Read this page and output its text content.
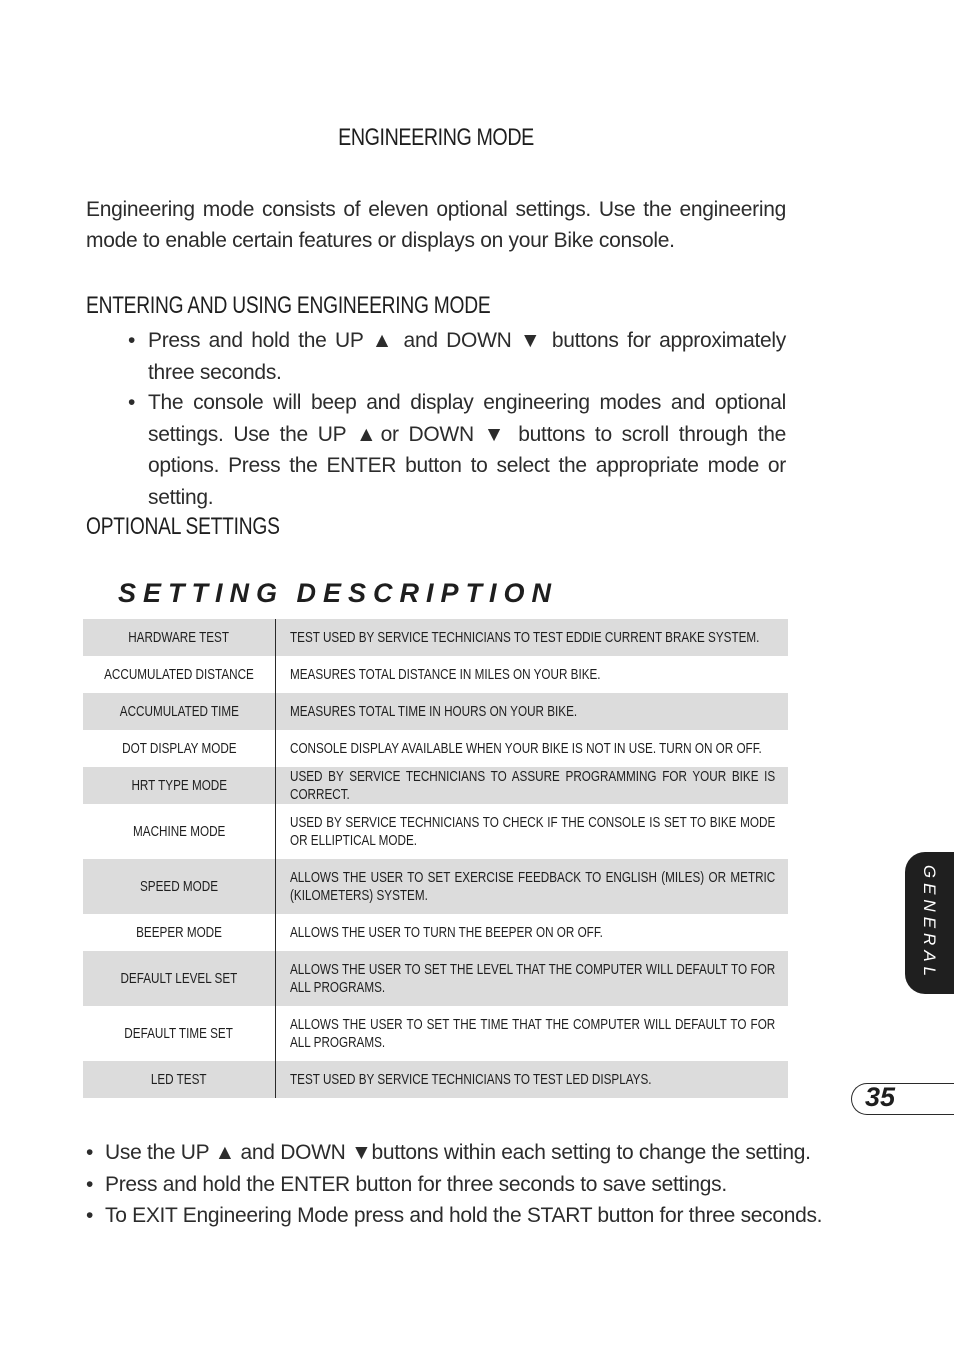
ENGINEERING MODE

Engineering mode consists of eleven optional settings. Use the engineering mode to enable certain features or displays on your Bike console.

ENTERING AND USING ENGINEERING MODE
• Press and hold the UP ▲ and DOWN ▼ buttons for approximately three seconds.
• The console will beep and display engineering modes and optional settings. Use the UP ▲or DOWN ▼ buttons to scroll through the options. Press the ENTER button to select the appropriate mode or setting.
OPTIONAL SETTINGS
SETTING DESCRIPTION
HARDWARE TEST	TEST USED BY SERVICE TECHNICIANS TO TEST EDDIE CURRENT BRAKE SYSTEM.

ACCUMULATED DISTANCE	MEASURES TOTAL DISTANCE IN MILES ON YOUR BIKE.

ACCUMULATED TIME	MEASURES TOTAL TIME IN HOURS ON YOUR BIKE.

DOT DISPLAY MODE	CONSOLE DISPLAY AVAILABLE WHEN YOUR BIKE IS NOT IN USE. TURN ON OR OFF.

HRT TYPE MODE	USED BY SERVICE TECHNICIANS TO ASSURE PROGRAMMING FOR YOUR BIKE IS CORRECT.

MACHINE MODE	USED BY SERVICE TECHNICIANS TO CHECK IF THE CONSOLE IS SET TO BIKE MODE OR ELLIPTICAL MODE.

SPEED MODE	ALLOWS THE USER TO SET EXERCISE FEEDBACK TO ENGLISH (MILES) OR METRIC (KILOMETERS) SYSTEM.

BEEPER MODE	ALLOWS THE USER TO TURN THE BEEPER ON OR OFF.

DEFAULT LEVEL SET	ALLOWS THE USER TO SET THE LEVEL THAT THE COMPUTER WILL DEFAULT TO FOR ALL PROGRAMS.

DEFAULT TIME SET	ALLOWS THE USER TO SET THE TIME THAT THE COMPUTER WILL DEFAULT TO FOR ALL PROGRAMS.

LED TEST	TEST USED BY SERVICE TECHNICIANS TO TEST LED DISPLAYS.
• Use the UP ▲ and DOWN ▼buttons within each setting to change the setting.
• Press and hold the ENTER button for three seconds to save settings.
• To EXIT Engineering Mode press and hold the START button for three seconds.
GENERAL
35
